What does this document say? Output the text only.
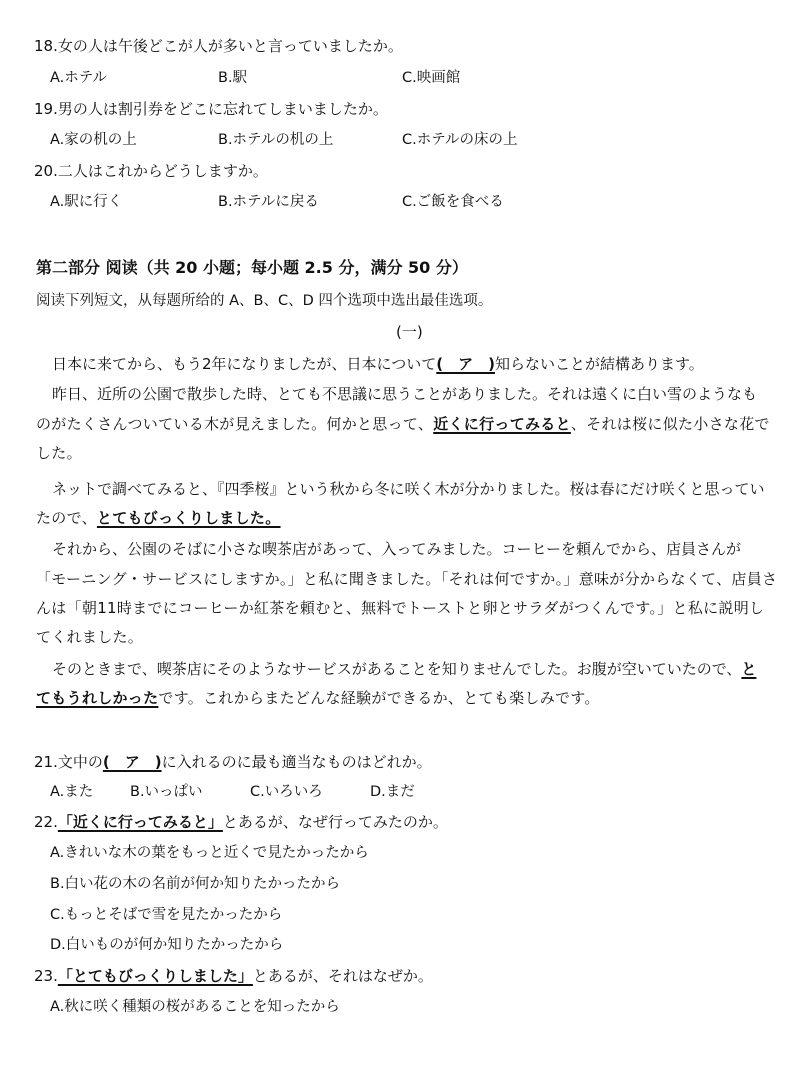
18.女の人は午後どこが人が多いと言っていましたか。
A.ホテル	B.駅	C.映画館
19.男の人は割引券をどこに忘れてしまいましたか。
A.家の机の上	B.ホテルの机の上	C.ホテルの床の上
20.二人はこれからどうしますか。
A.駅に行く	B.ホテルに戻る	C.ご飯を食べる
第二部分 阅读（共 20 小题；每小题 2.5 分，满分 50 分）
阅读下列短文，从每题所给的 A、B、C、D 四个选项中选出最佳选项。
(一)
日本に来てから、もう2年になりましたが、日本について(　ア　)知らないことが結構あります。
昨日、近所の公園で散歩した時、とても不思議に思うことがありました。それは遠くに白い雪のようなも
のがたくさんついている木が見えました。何かと思って、近くに行ってみると、それは桜に似た小さな花で
した。
ネットで調べてみると、『四季桜』という秋から冬に咲く木が分かりました。桜は春にだけ咲くと思ってい
たので、とてもびっくりしました。
それから、公園のそばに小さな喫茶店があって、入ってみました。コーヒーを頼んでから、店員さんが
「モーニング・サービスにしますか。」と私に聞きました。「それは何ですか。」意味が分からなくて、店員さ
んは「朝11時までにコーヒーか紅茶を頼むと、無料でトーストと卵とサラダがつくんです。」と私に説明し
てくれました。
そのときまで、喫茶店にそのようなサービスがあることを知りませんでした。お腹が空いていたので、と
てもうれしかったです。これからまたどんな経験ができるか、とても楽しみです。
21.文中の(　ア　)に入れるのに最も適当なものはどれか。
A.また	B.いっぱい	C.いろいろ	D.まだ
22.「近くに行ってみると」とあるが、なぜ行ってみたのか。
A.きれいな木の葉をもっと近くで見たかったから
B.白い花の木の名前が何か知りたかったから
C.もっとそばで雪を見たかったから
D.白いものが何か知りたかったから
23.「とてもびっくりしました」とあるが、それはなぜか。
A.秋に咲く種類の桜があることを知ったから
